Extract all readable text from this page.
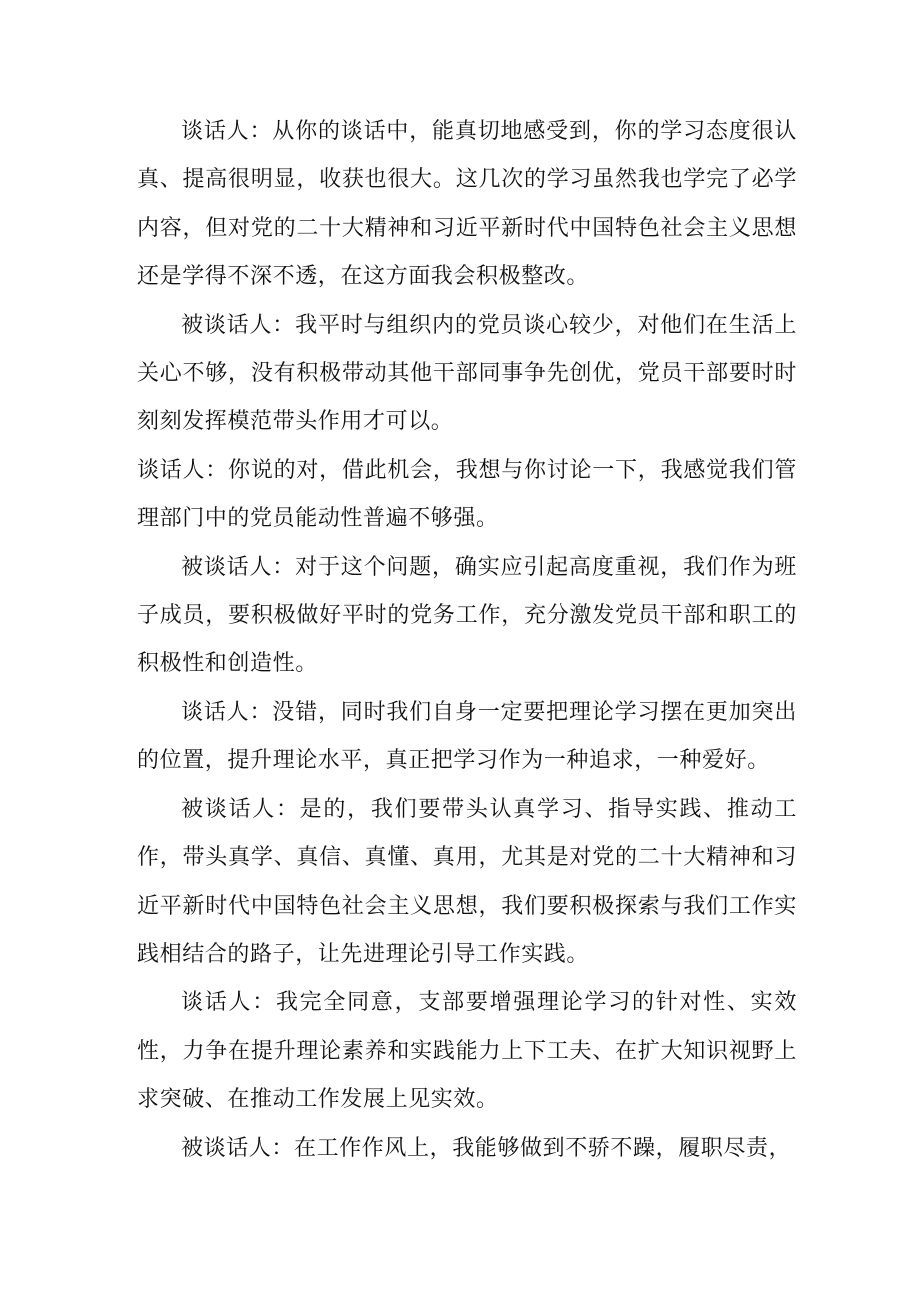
谈话人：从你的谈话中，能真切地感受到，你的学习态度很认真、提高很明显，收获也很大。这几次的学习虽然我也学完了必学内容，但对党的二十大精神和习近平新时代中国特色社会主义思想还是学得不深不透，在这方面我会积极整改。

被谈话人：我平时与组织内的党员谈心较少，对他们在生活上关心不够，没有积极带动其他干部同事争先创优，党员干部要时时刻刻发挥模范带头作用才可以。

谈话人：你说的对，借此机会，我想与你讨论一下，我感觉我们管理部门中的党员能动性普遍不够强。

被谈话人：对于这个问题，确实应引起高度重视，我们作为班子成员，要积极做好平时的党务工作，充分激发党员干部和职工的积极性和创造性。

谈话人：没错，同时我们自身一定要把理论学习摆在更加突出的位置，提升理论水平，真正把学习作为一种追求，一种爱好。

被谈话人：是的，我们要带头认真学习、指导实践、推动工作，带头真学、真信、真懂、真用，尤其是对党的二十大精神和习近平新时代中国特色社会主义思想，我们要积极探索与我们工作实践相结合的路子，让先进理论引导工作实践。

谈话人：我完全同意，支部要增强理论学习的针对性、实效性，力争在提升理论素养和实践能力上下工夫、在扩大知识视野上求突破、在推动工作发展上见实效。

被谈话人：在工作作风上，我能够做到不骄不躁，履职尽责，
